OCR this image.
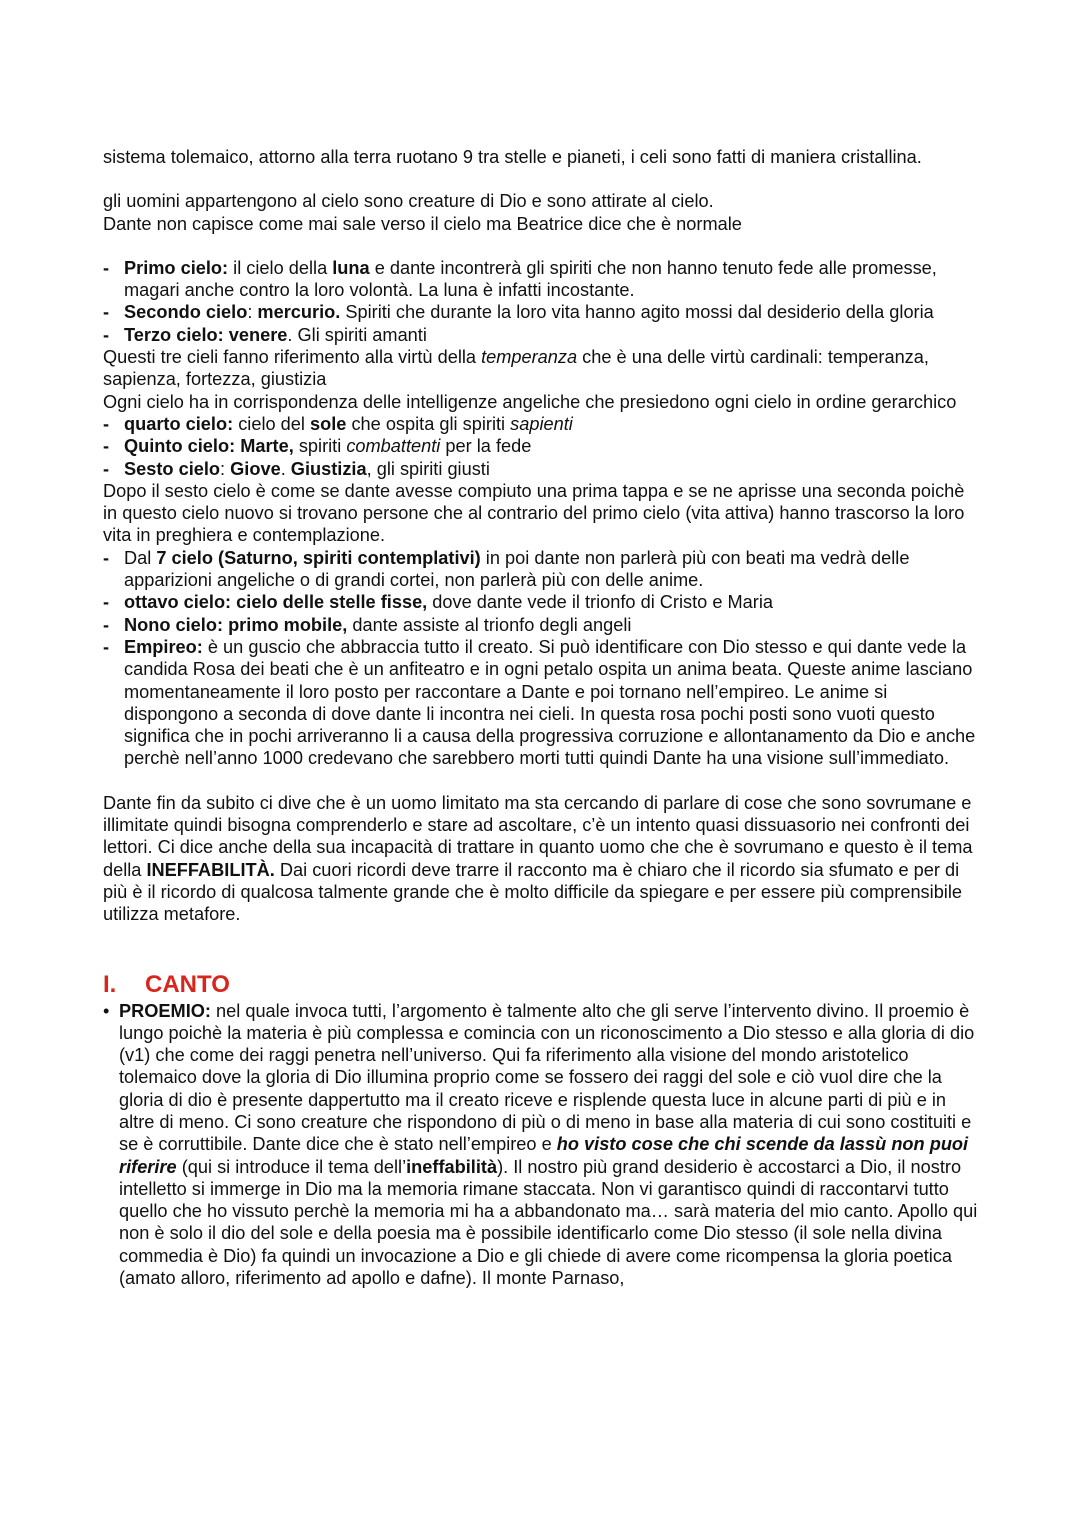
sistema tolemaico, attorno alla terra ruotano 9 tra stelle e pianeti, i celi sono fatti di maniera cristallina.

gli uomini appartengono al cielo sono creature di Dio e sono attirate al cielo.

Dante non capisce come mai sale verso il cielo ma Beatrice dice che è normale

- Primo cielo: il cielo della luna e dante incontrerà gli spiriti che non hanno tenuto fede alle promesse, magari anche contro la loro volontà. La luna è infatti incostante.
- Secondo cielo: mercurio. Spiriti che durante la loro vita hanno agito mossi dal desiderio della gloria
- Terzo cielo: venere. Gli spiriti amanti

Questi tre cieli fanno riferimento alla virtù della temperanza che è una delle virtù cardinali: temperanza, sapienza, fortezza, giustizia

Ogni cielo ha in corrispondenza delle intelligenze angeliche che presiedono ogni cielo in ordine gerarchico

- quarto cielo: cielo del sole che ospita gli spiriti sapienti
- Quinto cielo: Marte, spiriti combattenti per la fede
- Sesto cielo: Giove. Giustizia, gli spiriti giusti

Dopo il sesto cielo è come se dante avesse compiuto una prima tappa e se ne aprisse una seconda poichè in questo cielo nuovo si trovano persone che al contrario del primo cielo (vita attiva) hanno trascorso la loro vita in preghiera e contemplazione.

- Dal 7 cielo (Saturno, spiriti contemplativi) in poi dante non parlerà più con beati ma vedrà delle apparizioni angeliche o di grandi cortei, non parlerà più con delle anime.
- ottavo cielo: cielo delle stelle fisse, dove dante vede il trionfo di Cristo e Maria
- Nono cielo: primo mobile, dante assiste al trionfo degli angeli
- Empireo: è un guscio che abbraccia tutto il creato. Si può identificare con Dio stesso e qui dante vede la candida Rosa dei beati che è un anfiteatro e in ogni petalo ospita un anima beata. Queste anime lasciano momentaneamente il loro posto per raccontare a Dante e poi tornano nell’empireo. Le anime si dispongono a seconda di dove dante li incontra nei cieli. In questa rosa pochi posti sono vuoti questo significa che in pochi arriveranno li a causa della progressiva corruzione e allontanamento da Dio e anche perchè nell’anno 1000 credevano che sarebbero morti tutti quindi Dante ha una visione sull’immediato.

Dante fin da subito ci dive che è un uomo limitato ma sta cercando di parlare di cose che sono sovrumane e illimitate quindi bisogna comprenderlo e stare ad ascoltare, c’è un intento quasi dissuasorio nei confronti dei lettori. Ci dice anche della sua incapacità di trattare in quanto uomo che che è sovrumano e questo è il tema della INEFFABILITÀ. Dai cuori ricordi deve trarre il racconto ma è chiaro che il ricordo sia sfumato e per di più è il ricordo di qualcosa talmente grande che è molto difficile da spiegare e per essere più comprensibile utilizza metafore.

I. CANTO
• PROEMIO: nel quale invoca tutti, l’argomento è talmente alto che gli serve l’intervento divino. Il proemio è lungo poichè la materia è più complessa e comincia con un riconoscimento a Dio stesso e alla gloria di dio (v1) che come dei raggi penetra nell’universo. Qui fa riferimento alla visione del mondo aristotelico tolemaico dove la gloria di Dio illumina proprio come se fossero dei raggi del sole e ciò vuol dire che la gloria di dio è presente dappertutto ma il creato riceve e risplende questa luce in alcune parti di più e in altre di meno. Ci sono creature che rispondono di più o di meno in base alla materia di cui sono costituiti e se è corruttibile. Dante dice che è stato nell’empireo e ho visto cose che chi scende da lassù non puoi riferire (qui si introduce il tema dell’ineffabilità). Il nostro più grand desiderio è accostarci a Dio, il nostro intelletto si immerge in Dio ma la memoria rimane staccata. Non vi garantisco quindi di raccontarvi tutto quello che ho vissuto perchè la memoria mi ha a abbandonato ma… sarà materia del mio canto. Apollo qui non è solo il dio del sole e della poesia ma è possibile identificarlo come Dio stesso (il sole nella divina commedia è Dio) fa quindi un invocazione a Dio e gli chiede di avere come ricompensa la gloria poetica (amato alloro, riferimento ad apollo e dafne). Il monte Parnaso,
